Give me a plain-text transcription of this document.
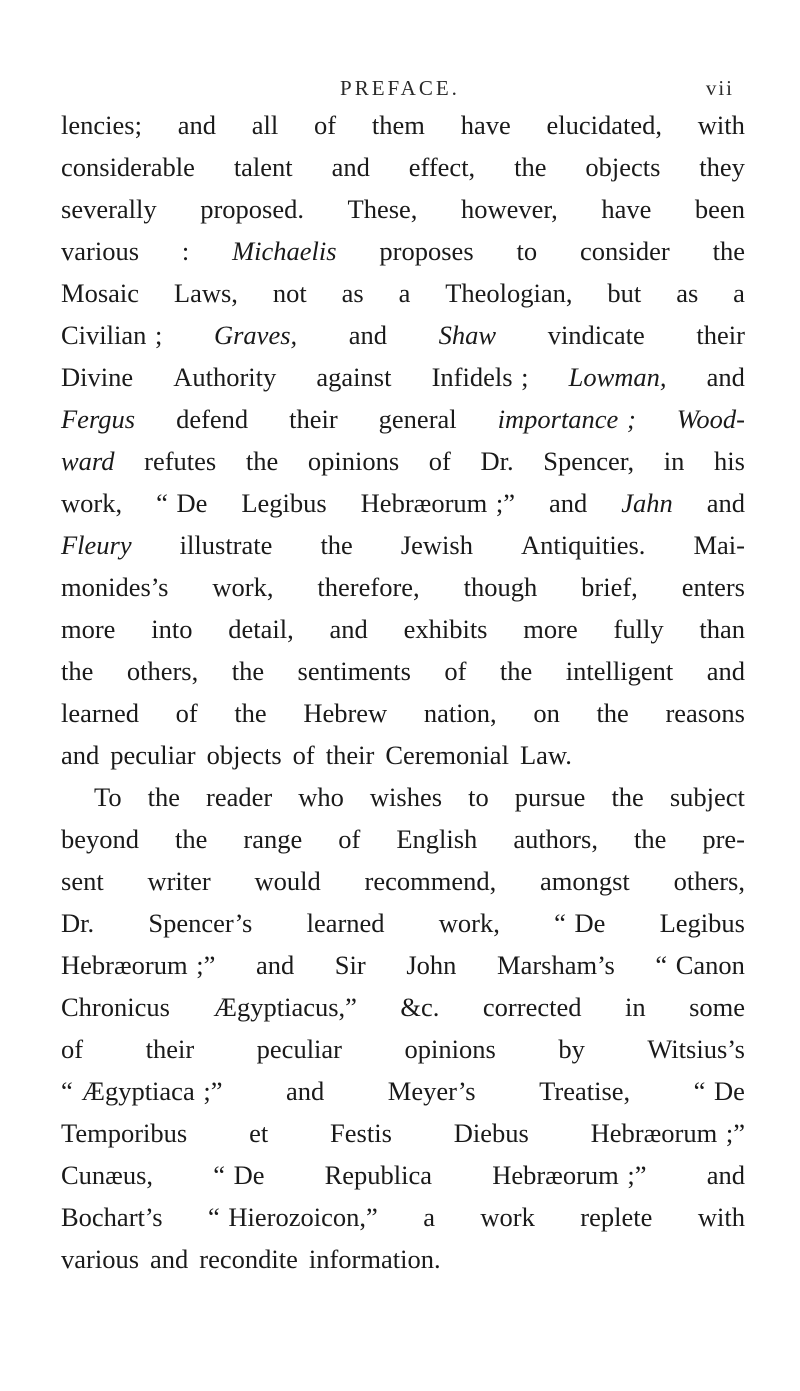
PREFACE.	vii
lencies; and all of them have elucidated, with
considerable talent and effect, the objects they
severally proposed. These, however, have been
various : Michaelis proposes to consider the
Mosaic Laws, not as a Theologian, but as a
Civilian ; Graves, and Shaw vindicate their
Divine Authority against Infidels ; Lowman, and
Fergus defend their general importance ; Wood-
ward refutes the opinions of Dr. Spencer, in his
work, “ De Legibus Hebræorum ;” and Jahn and
Fleury illustrate the Jewish Antiquities. Mai-
monides’s work, therefore, though brief, enters
more into detail, and exhibits more fully than
the others, the sentiments of the intelligent and
learned of the Hebrew nation, on the reasons
and peculiar objects of their Ceremonial Law.
To the reader who wishes to pursue the subject
beyond the range of English authors, the pre-
sent writer would recommend, amongst others,
Dr. Spencer’s learned work, “ De Legibus
Hebræorum ;” and Sir John Marsham’s “ Canon
Chronicus Ægyptiacus,” &c. corrected in some
of their peculiar opinions by Witsius’s
“ Ægyptiaca ;” and Meyer’s Treatise, “ De
Temporibus et Festis Diebus Hebræorum ;”
Cunæus, “ De Republica Hebræorum ;” and
Bochart’s “ Hierozoicon,” a work replete with
various and recondite information.
